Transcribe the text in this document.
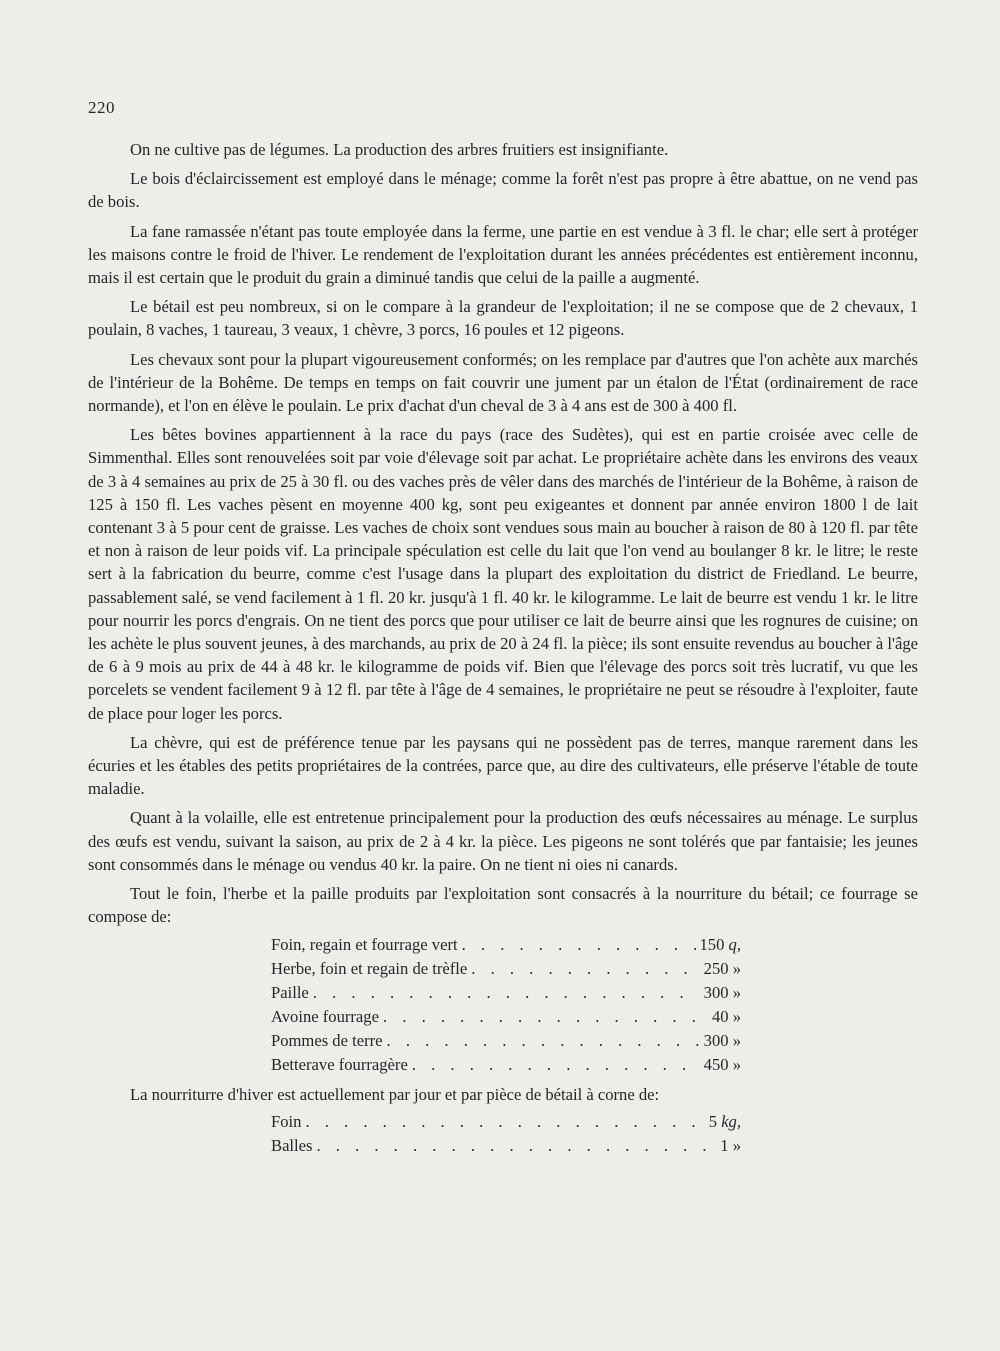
220

On ne cultive pas de légumes. La production des arbres fruitiers est insignifiante.

Le bois d'éclaircissement est employé dans le ménage; comme la forêt n'est pas propre à être abattue, on ne vend pas de bois.

La fane ramassée n'étant pas toute employée dans la ferme, une partie en est vendue à 3 fl. le char; elle sert à protéger les maisons contre le froid de l'hiver. Le rendement de l'exploitation durant les années précédentes est entièrement inconnu, mais il est certain que le produit du grain a diminué tandis que celui de la paille a augmenté.

Le bétail est peu nombreux, si on le compare à la grandeur de l'exploitation; il ne se compose que de 2 chevaux, 1 poulain, 8 vaches, 1 taureau, 3 veaux, 1 chèvre, 3 porcs, 16 poules et 12 pigeons.

Les chevaux sont pour la plupart vigoureusement conformés; on les remplace par d'autres que l'on achète aux marchés de l'intérieur de la Bohême. De temps en temps on fait couvrir une jument par un étalon de l'État (ordinairement de race normande), et l'on en élève le poulain. Le prix d'achat d'un cheval de 3 à 4 ans est de 300 à 400 fl.

Les bêtes bovines appartiennent à la race du pays (race des Sudètes), qui est en partie croisée avec celle de Simmenthal. Elles sont renouvelées soit par voie d'élevage soit par achat. Le propriétaire achète dans les environs des veaux de 3 à 4 semaines au prix de 25 à 30 fl. ou des vaches près de vêler dans des marchés de l'intérieur de la Bohême, à raison de 125 à 150 fl. Les vaches pèsent en moyenne 400 kg, sont peu exigeantes et donnent par année environ 1800 l de lait contenant 3 à 5 pour cent de graisse. Les vaches de choix sont vendues sous main au boucher à raison de 80 à 120 fl. par tête et non à raison de leur poids vif. La principale spéculation est celle du lait que l'on vend au boulanger 8 kr. le litre; le reste sert à la fabrication du beurre, comme c'est l'usage dans la plupart des exploitation du district de Friedland. Le beurre, passablement salé, se vend facilement à 1 fl. 20 kr. jusqu'à 1 fl. 40 kr. le kilogramme. Le lait de beurre est vendu 1 kr. le litre pour nourrir les porcs d'engrais. On ne tient des porcs que pour utiliser ce lait de beurre ainsi que les rognures de cuisine; on les achète le plus souvent jeunes, à des marchands, au prix de 20 à 24 fl. la pièce; ils sont ensuite revendus au boucher à l'âge de 6 à 9 mois au prix de 44 à 48 kr. le kilogramme de poids vif. Bien que l'élevage des porcs soit très lucratif, vu que les porcelets se vendent facilement 9 à 12 fl. par tête à l'âge de 4 semaines, le propriétaire ne peut se résoudre à l'exploiter, faute de place pour loger les porcs.

La chèvre, qui est de préférence tenue par les paysans qui ne possèdent pas de terres, manque rarement dans les écuries et les étables des petits propriétaires de la contrées, parce que, au dire des cultivateurs, elle préserve l'étable de toute maladie.

Quant à la volaille, elle est entretenue principalement pour la production des œufs nécessaires au ménage. Le surplus des œufs est vendu, suivant la saison, au prix de 2 à 4 kr. la pièce. Les pigeons ne sont tolérés que par fantaisie; les jeunes sont consommés dans le ménage ou vendus 40 kr. la paire. On ne tient ni oies ni canards.

Tout le foin, l'herbe et la paille produits par l'exploitation sont consacrés à la nourriture du bétail; ce fourrage se compose de:

Foin, regain et fourrage vert . . .	150 q,
Herbe, foin et regain de trèfle . . .	250 »
Paille . . .	300 »
Avoine fourrage . . .	40 »
Pommes de terre . . .	300 »
Betterave fourragère . . .	450 »
La nourriturre d'hiver est actuellement par jour et par pièce de bétail à corne de:
Foin . . .	5 kg,
Balles . . .	1 »
